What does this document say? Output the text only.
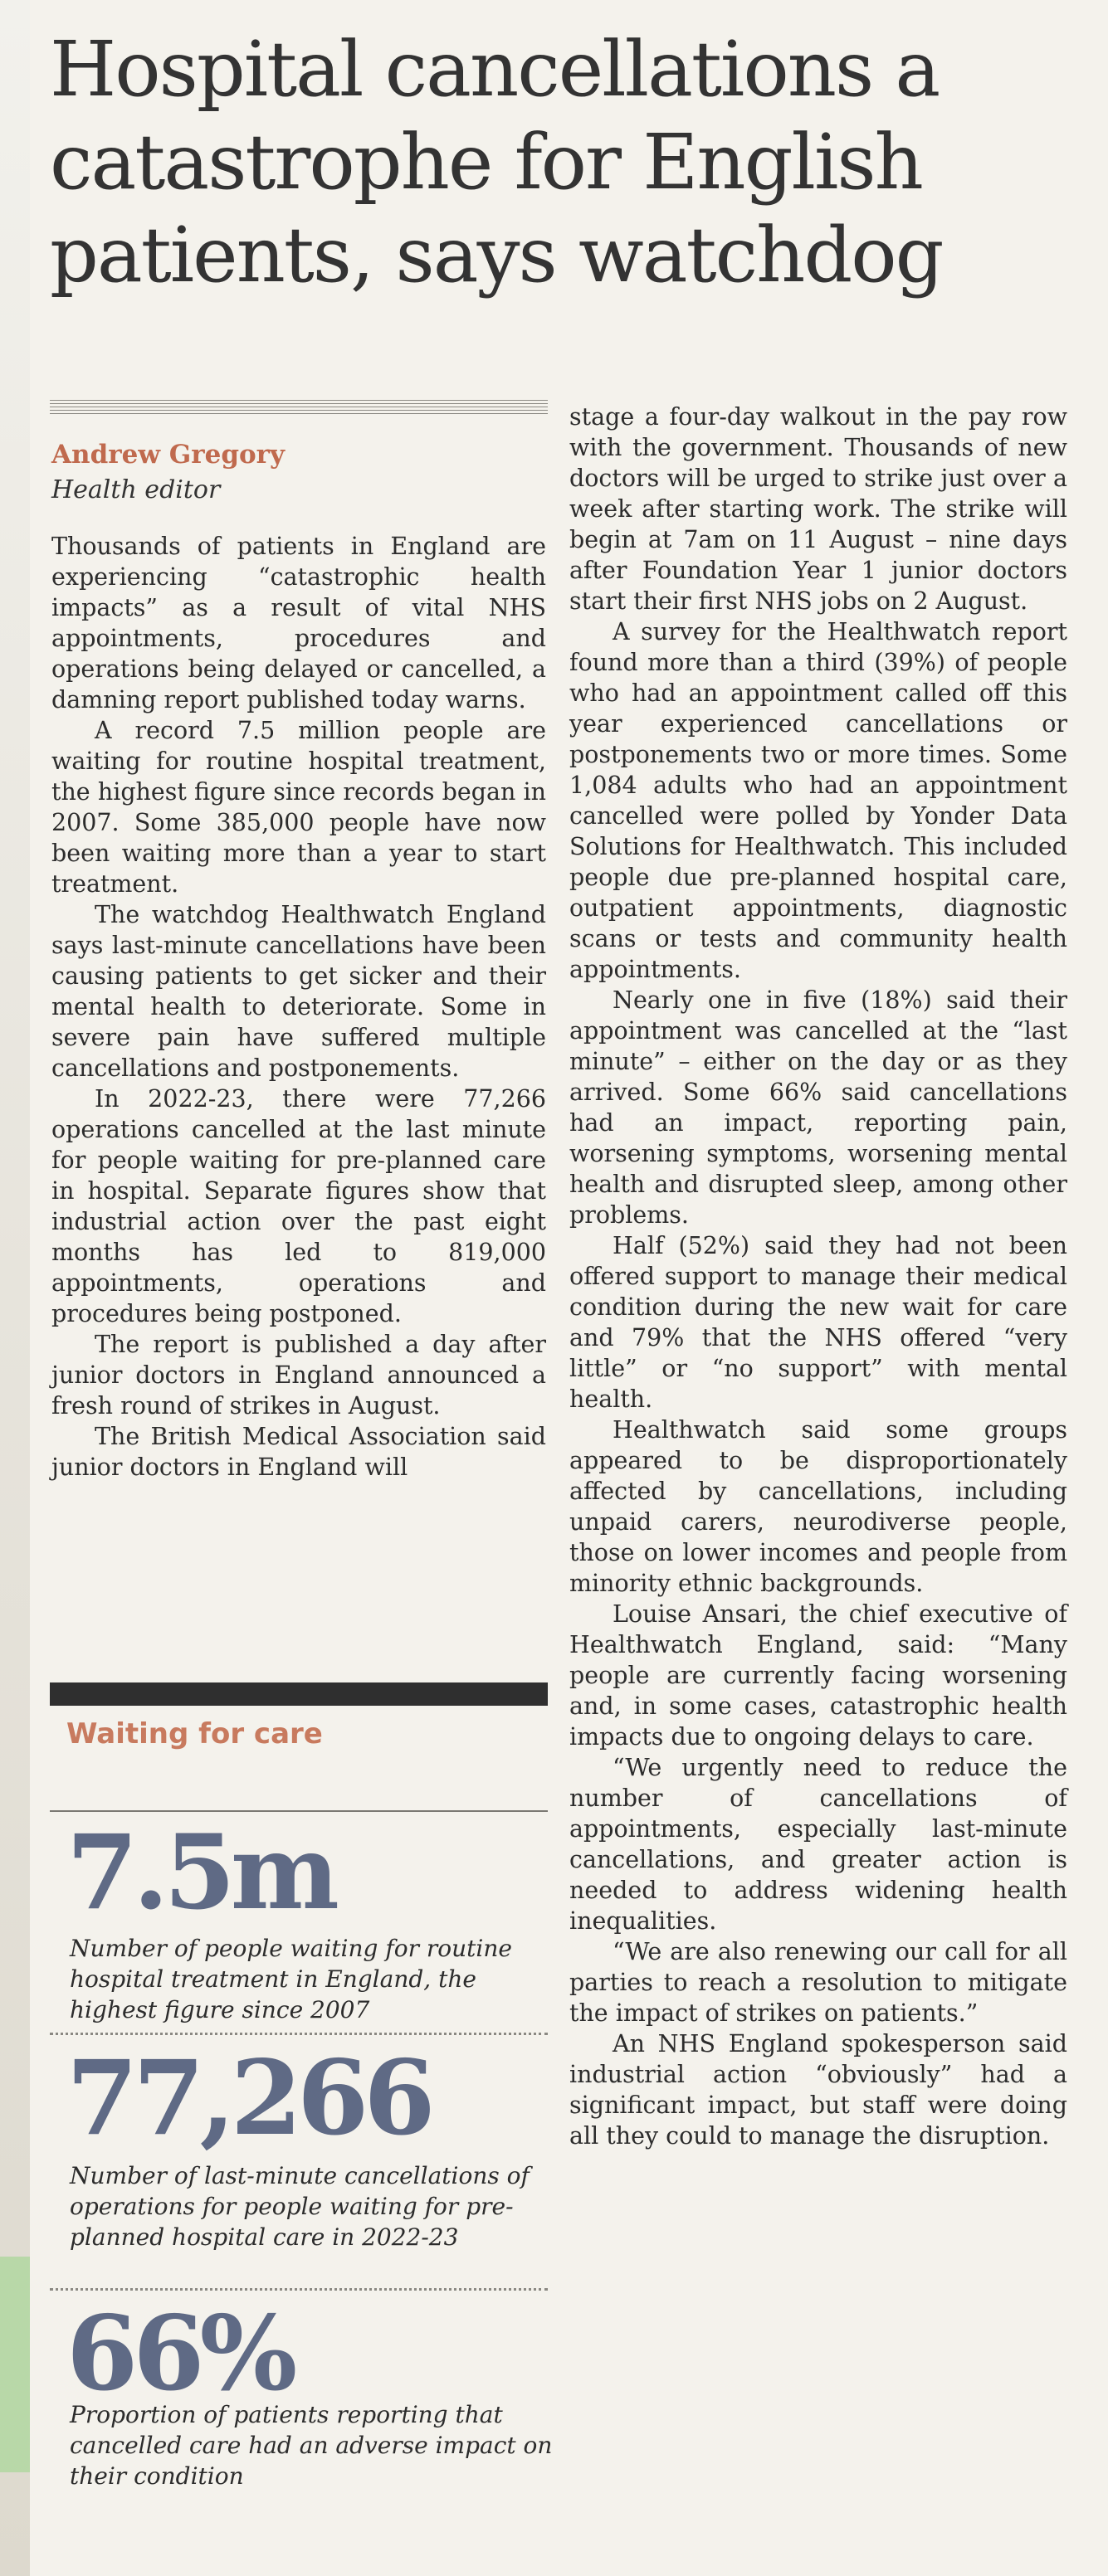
Hospital cancellations a catastrophe for English patients, says watchdog
Andrew Gregory
Health editor

Thousands of patients in England are experiencing “catastrophic health impacts” as a result of vital NHS appointments, procedures and operations being delayed or cancelled, a damning report published today warns.

A record 7.5 million people are waiting for routine hospital treatment, the highest figure since records began in 2007. Some 385,000 people have now been waiting more than a year to start treatment.

The watchdog Healthwatch England says last-minute cancellations have been causing patients to get sicker and their mental health to deteriorate. Some in severe pain have suffered multiple cancellations and postponements.

In 2022-23, there were 77,266 operations cancelled at the last minute for people waiting for pre-planned care in hospital. Separate figures show that industrial action over the past eight months has led to 819,000 appointments, operations and procedures being postponed.

The report is published a day after junior doctors in England announced a fresh round of strikes in August.

The British Medical Association said junior doctors in England will

stage a four-day walkout in the pay row with the government. Thousands of new doctors will be urged to strike just over a week after starting work. The strike will begin at 7am on 11 August – nine days after Foundation Year 1 junior doctors start their first NHS jobs on 2 August.

A survey for the Healthwatch report found more than a third (39%) of people who had an appointment called off this year experienced cancellations or postponements two or more times. Some 1,084 adults who had an appointment cancelled were polled by Yonder Data Solutions for Healthwatch. This included people due pre-planned hospital care, outpatient appointments, diagnostic scans or tests and community health appointments.

Nearly one in five (18%) said their appointment was cancelled at the “last minute” – either on the day or as they arrived. Some 66% said cancellations had an impact, reporting pain, worsening symptoms, worsening mental health and disrupted sleep, among other problems.

Half (52%) said they had not been offered support to manage their medical condition during the new wait for care and 79% that the NHS offered “very little” or “no support” with mental health.

Healthwatch said some groups appeared to be disproportionately affected by cancellations, including unpaid carers, neurodiverse people, those on lower incomes and people from minority ethnic backgrounds.

Louise Ansari, the chief executive of Healthwatch England, said: “Many people are currently facing worsening and, in some cases, catastrophic health impacts due to ongoing delays to care.

“We urgently need to reduce the number of cancellations of appointments, especially last-minute cancellations, and greater action is needed to address widening health inequalities.

“We are also renewing our call for all parties to reach a resolution to mitigate the impact of strikes on patients.”

An NHS England spokesperson said industrial action “obviously” had a significant impact, but staff were doing all they could to manage the disruption.

Waiting for care
7.5m
Number of people waiting for routine hospital treatment in England, the highest figure since 2007
77,266
Number of last-minute cancellations of operations for people waiting for pre-planned hospital care in 2022-23
66%
Proportion of patients reporting that cancelled care had an adverse impact on their condition
